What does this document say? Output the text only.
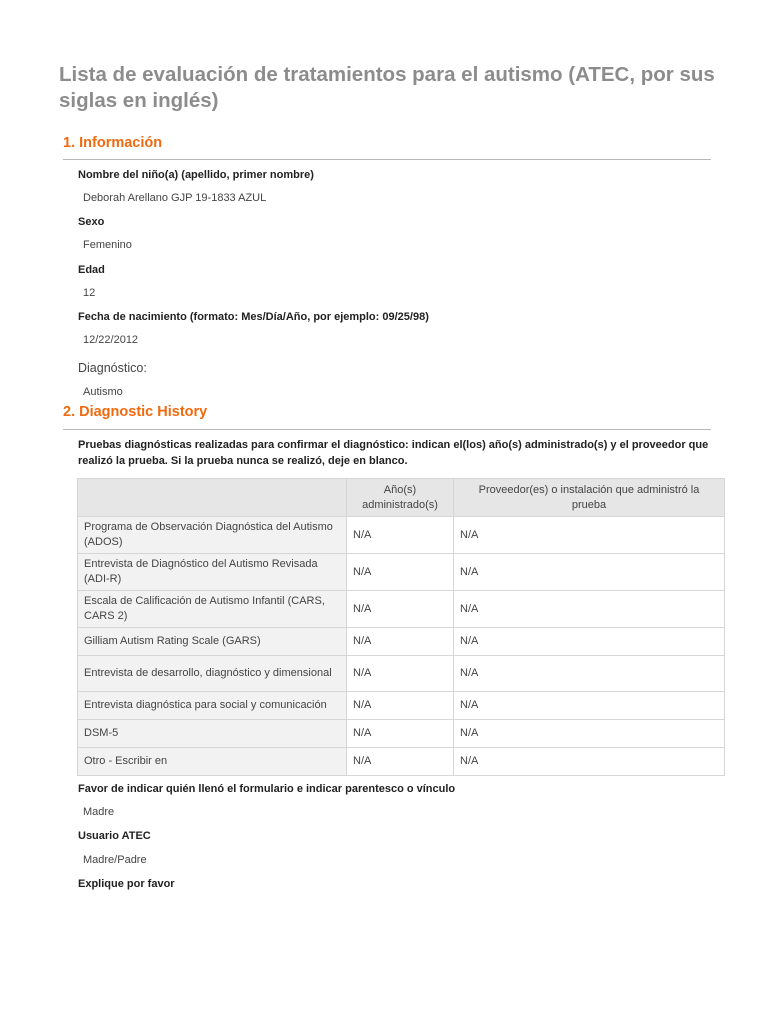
Lista de evaluación de tratamientos para el autismo (ATEC, por sus siglas en inglés)
1. Información
Nombre del niño(a) (apellido, primer nombre)
Deborah Arellano GJP 19-1833 AZUL
Sexo
Femenino
Edad
12
Fecha de nacimiento (formato: Mes/Día/Año, por ejemplo: 09/25/98)
12/22/2012
Diagnóstico:
Autismo
2. Diagnostic History
Pruebas diagnósticas realizadas para confirmar el diagnóstico: indican el(los) año(s) administrado(s) y el proveedor que realizó la prueba. Si la prueba nunca se realizó, deje en blanco.
	Año(s) administrado(s)	Proveedor(es) o instalación que administró la prueba
Programa de Observación Diagnóstica del Autismo (ADOS)	N/A	N/A
Entrevista de Diagnóstico del Autismo Revisada (ADI-R)	N/A	N/A
Escala de Calificación de Autismo Infantil (CARS, CARS 2)	N/A	N/A
Gilliam Autism Rating Scale (GARS)	N/A	N/A
Entrevista de desarrollo, diagnóstico y dimensional	N/A	N/A
Entrevista diagnóstica para social y comunicación	N/A	N/A
DSM-5	N/A	N/A
Otro - Escribir en	N/A	N/A
Favor de indicar quién llenó el formulario e indicar parentesco o vínculo
Madre
Usuario ATEC
Madre/Padre
Explique por favor
